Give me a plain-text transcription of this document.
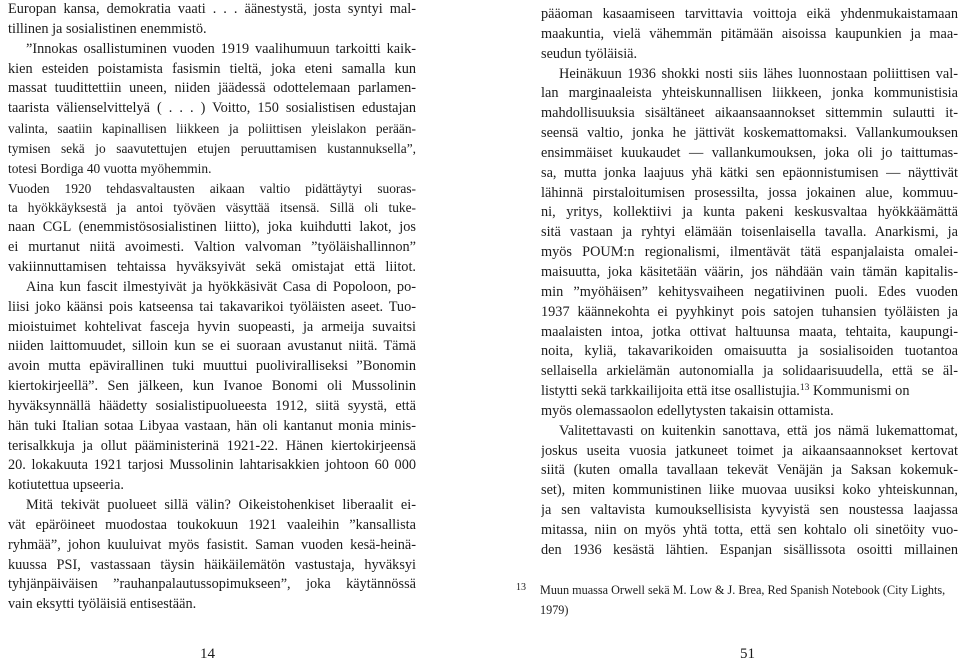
Europan kansa, demokratia vaati . . . äänestystä, josta syntyi mal-
tillinen ja sosialistinen enemmistö.
”Innokas osallistuminen vuoden 1919 vaalihumuun tarkoitti kaik-
kien esteiden poistamista fasismin tieltä, joka eteni samalla kun
massat tuudittettiin uneen, niiden jäädessä odottelemaan parlamen-
taarista välienselvittelyä ( . . . ) Voitto, 150 sosialistisen edustajan
valinta, saatiin kapinallisen liikkeen ja poliittisen yleislakon perään-
tymisen sekä jo saavutettujen etujen peruuttamisen kustannuksella”,
totesi Bordiga 40 vuotta myöhemmin.
Vuoden 1920 tehdasvaltausten aikaan valtio pidättäytyi suoras-
ta hyökkäyksestä ja antoi työväen väsyttää itsensä. Sillä oli tuke-
naan CGL (enemmistösosialistinen liitto), joka kuihdutti lakot, jos
ei murtanut niitä avoimesti. Valtion valvoman ”työläishallinnon”
vakiinnuttamisen tehtaissa hyväksyivät sekä omistajat että liitot.
Aina kun fascit ilmestyivät ja hyökkäsivät Casa di Popoloon, po-
liisi joko käänsi pois katseensa tai takavarikoi työläisten aseet. Tuo-
mioistuimet kohtelivat fasceja hyvin suopeasti, ja armeija suvaitsi
niiden laittomuudet, silloin kun se ei suoraan avustanut niitä. Tämä
avoin mutta epävirallinen tuki muuttui puoliviralliseksi ”Bonomin
kiertokirjeellä”. Sen jälkeen, kun Ivanoe Bonomi oli Mussolinin
hyväksynnällä häädetty sosialistipuolueesta 1912, siitä syystä, että
hän tuki Italian sotaa Libyaa vastaan, hän oli kantanut monia minis-
terisalkkuja ja ollut pääministerinä 1921-22. Hänen kiertokirjeensä
20. lokakuuta 1921 tarjosi Mussolinin lahtarisakkien johtoon 60 000
kotiutettua upseeria.
Mitä tekivät puolueet sillä välin? Oikeistohenkiset liberaalit ei-
vät epäröineet muodostaa toukokuun 1921 vaaleihin ”kansallista
ryhmää”, johon kuuluivat myös fasistit. Saman vuoden kesä-heinä-
kuussa PSI, vastassaan täysin häikäilemätön vastustaja, hyväksyi
tyhjänpäiväisen ”rauhanpalautussopimukseen”, joka käytännössä
vain eksytti työläisiä entisestään.
pääoman kasaamiseen tarvittavia voittoja eikä yhdenmukaistamaan
maakuntia, vielä vähemmän pitämään aisoissa kaupunkien ja maa-
seudun työläisiä.
Heinäkuun 1936 shokki nosti siis lähes luonnostaan poliittisen val-
lan marginaaleista yhteiskunnallisen liikkeen, jonka kommunistisia
mahdollisuuksia sisältäneet aikaansaannokset sittemmin sulautti it-
seensä valtio, jonka he jättivät koskemattomaksi. Vallankumouksen
ensimmäiset kuukaudet — vallankumouksen, joka oli jo taittumas-
sa, mutta jonka laajuus yhä kätki sen epäonnistumisen — näyttivät
lähinnä pirstaloitumisen prosessilta, jossa jokainen alue, kommuu-
ni, yritys, kollektiivi ja kunta pakeni keskusvaltaa hyökkäämättä
sitä vastaan ja ryhtyi elämään toisenlaisella tavalla. Anarkismi, ja
myös POUM:n regionalismi, ilmentävät tätä espanjalaista omalei-
maisuutta, joka käsitetään väärin, jos nähdään vain tämän kapitalis-
min ”myöhäisen” kehitysvaiheen negatiivinen puoli. Edes vuoden
1937 käännekohta ei pyyhkinyt pois satojen tuhansien työläisten ja
maalaisten intoa, jotka ottivat haltuunsa maata, tehtaita, kaupungi-
noita, kyliä, takavarikoiden omaisuutta ja sosialisoiden tuotantoa
sellaisella arkielämän autonomialla ja solidaarisuudella, että se äl-
listytti sekä tarkkailijoita että itse osallistujia.$^{13}$ Kommunismi on
myös olemassaolon edellytysten takaisin ottamista.
Valitettavasti on kuitenkin sanottava, että jos nämä lukemattomat,
joskus useita vuosia jatkuneet toimet ja aikaansaannokset kertovat
siitä (kuten omalla tavallaan tekevät Venäjän ja Saksan kokemuk-
set), miten kommunistinen liike muovaa uusiksi koko yhteiskunnan,
ja sen valtavista kumouksellisista kyvyistä sen noustessa laajassa
mitassa, niin on myös yhtä totta, että sen kohtalo oli sinetöity vuo-
den 1936 kesästä lähtien. Espanjan sisällissota osoitti millainen
13 Muun muassa Orwell sekä M. Low & J. Brea, Red Spanish Notebook (City Lights,
1979)
14	51
